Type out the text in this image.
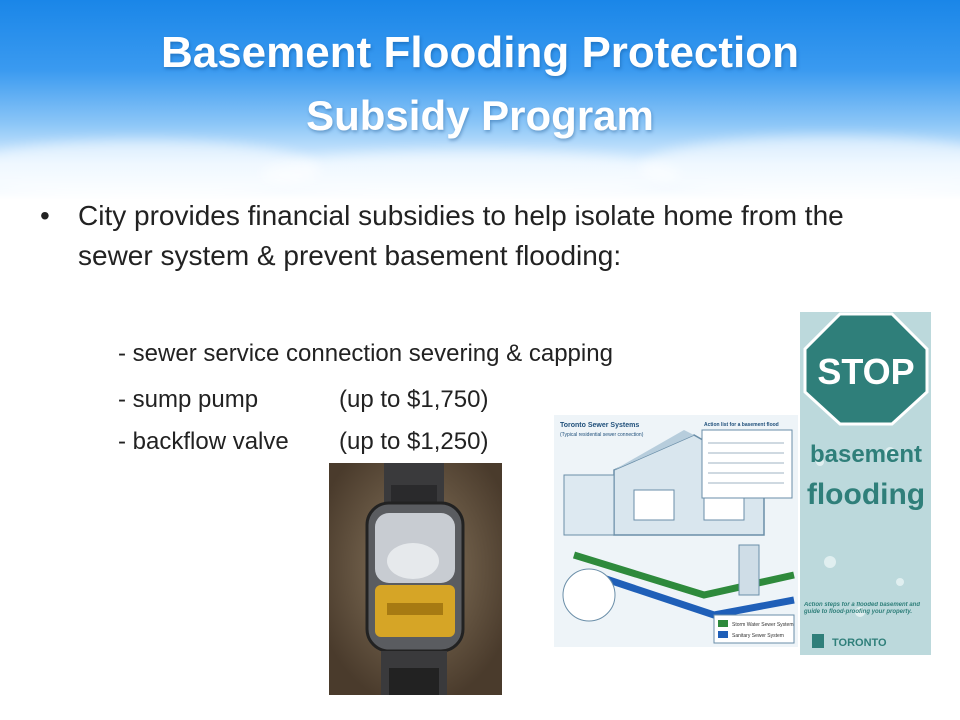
Basement Flooding Protection
Subsidy Program
• City provides financial subsidies to help isolate home from the sewer system & prevent basement flooding:
- sewer service connection severing & capping
- sump pump	(up to $1,750)
- backflow valve (up to $1,250)
Storm Water Sewer System
Sanitary Sewer System
Toronto Sewer Systems
(Typical residential sewer connection)
Action list for a basement flood
STOP
basement
flooding
Action steps for a flooded basement and guide to flood-proofing your property.
TORONTO
